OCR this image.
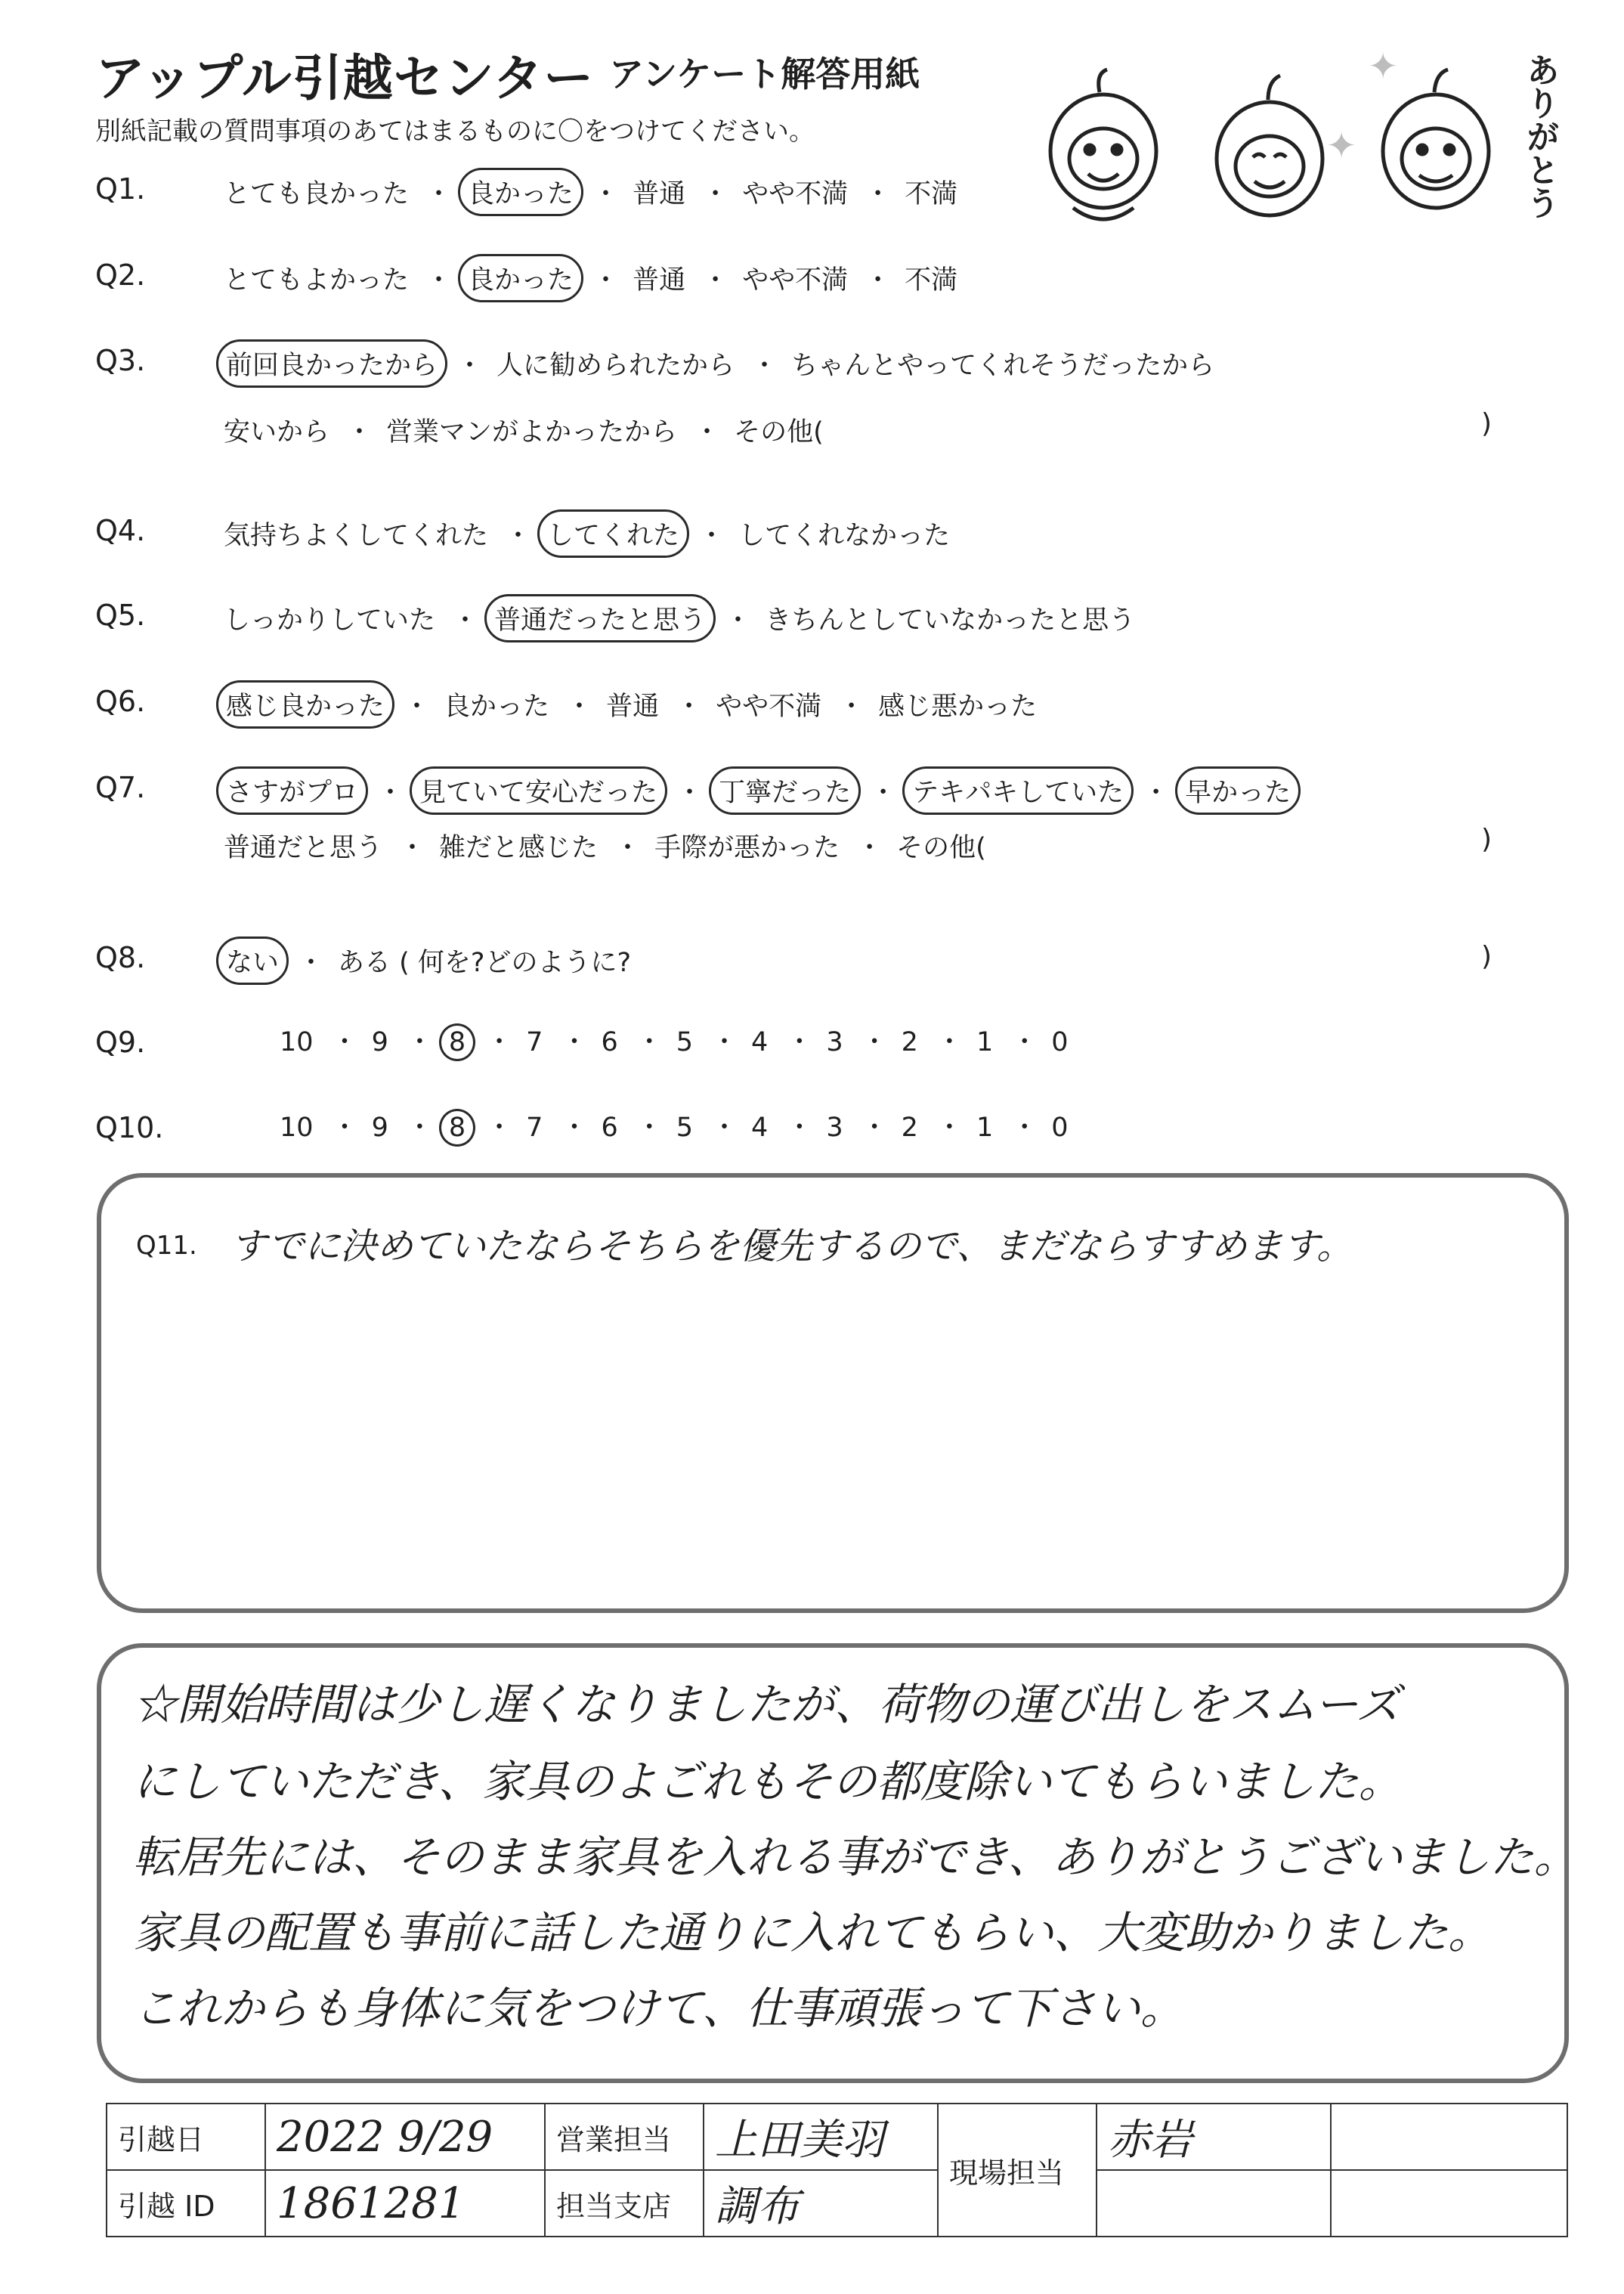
アップル引越センター アンケート解答用紙
別紙記載の質問事項のあてはまるものに〇をつけてください。
✦
✦	ありがとう
Q1.	とても良かった ・ 良かった ・ 普通 ・ やや不満 ・ 不満
Q2.	とてもよかった ・ 良かった ・ 普通 ・ やや不満 ・ 不満
Q3.	前回良かったから ・ 人に勧められたから ・ ちゃんとやってくれそうだったから
安いから ・ 営業マンがよかったから ・ その他(	)
Q4.	気持ちよくしてくれた ・ してくれた ・ してくれなかった
Q5.	しっかりしていた ・ 普通だったと思う ・ きちんとしていなかったと思う
Q6.	感じ良かった ・ 良かった ・ 普通 ・ やや不満 ・ 感じ悪かった
Q7.	さすがプロ ・ 見ていて安心だった ・ 丁寧だった ・ テキパキしていた ・ 早かった
普通だと思う ・ 雑だと感じた ・ 手際が悪かった ・ その他(	)
Q8.	ない ・ ある ( 何を?どのように?	)
Q9.	10 ・ 9 ・ 8 ・ 7 ・ 6 ・ 5 ・ 4 ・ 3 ・ 2 ・ 1 ・ 0
Q10.	10 ・ 9 ・ 8 ・ 7 ・ 6 ・ 5 ・ 4 ・ 3 ・ 2 ・ 1 ・ 0
Q11. すでに決めていたならそちらを優先するので、まだならすすめます。
☆開始時間は少し遅くなりましたが、荷物の運び出しをスムーズ
にしていただき、家具のよごれもその都度除いてもらいました。
転居先には、そのまま家具を入れる事ができ、ありがとうございました。
家具の配置も事前に話した通りに入れてもらい、大変助かりました。
これからも身体に気をつけて、仕事頑張って下さい。
引越日	2022 9/29	営業担当	上田美羽	現場担当	赤岩	
引越 ID	1861281	担当支店	調布			
